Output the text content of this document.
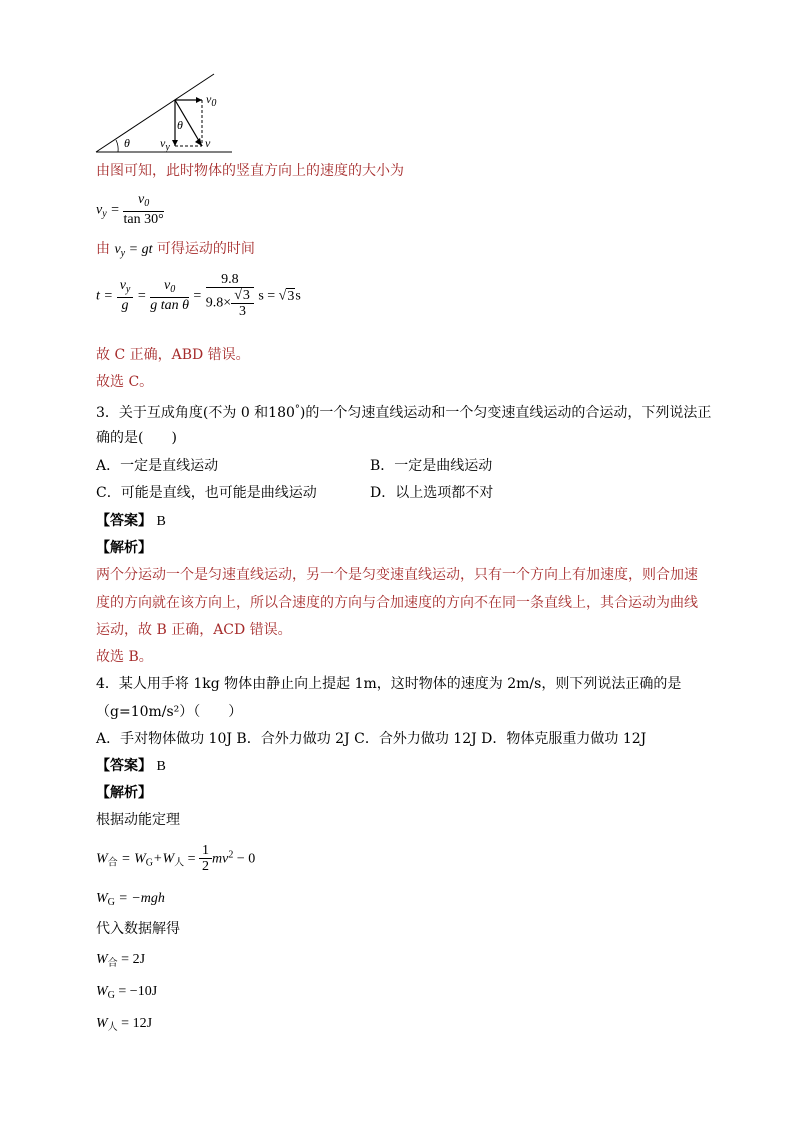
$v_0$
θ
θ	$v_y$	v
由图可知，此时物体的竖直方向上的速度的大小为
$v_y = \frac{v_0}{\tan 30^\circ}$
由 $v_y$ = gt 可得运动的时间
$t = \frac{v_y}{g} = \frac{v_0}{\text{g tan θ}} = \frac{9.8}{9.8\times \frac{√3}{3}}$ s = √3s
故 C 正确，ABD 错误。
故选 C。
3．关于互成角度(不为 0 和180°)的一个匀速直线运动和一个匀变速直线运动的合运动，下列说法正
确的是(　　)
A．一定是直线运动	B．一定是曲线运动
C．可能是直线，也可能是曲线运动	D．以上选项都不对
【答案】 B
【解析】
两个分运动一个是匀速直线运动，另一个是匀变速直线运动，只有一个方向上有加速度，则合加速
度的方向就在该方向上，所以合速度的方向与合加速度的方向不在同一条直线上，其合运动为曲线
运动，故 B 正确，ACD 错误。
故选 B。
4．某人用手将 1kg 物体由静止向上提起 1m，这时物体的速度为 2m/s，则下列说法正确的是
（g=10m/s²）（　　）
A．手对物体做功 10J B．合外力做功 2J C．合外力做功 12J D．物体克服重力做功 12J
【答案】 B
【解析】
根据动能定理
$W_合 = W_G+W_人 = \frac{1}{2} mv^2 - 0$
$W_G = -mgh$
代入数据解得
$W_合 = 2J$
$W_G = -10J$
$W_人 = 12J$
